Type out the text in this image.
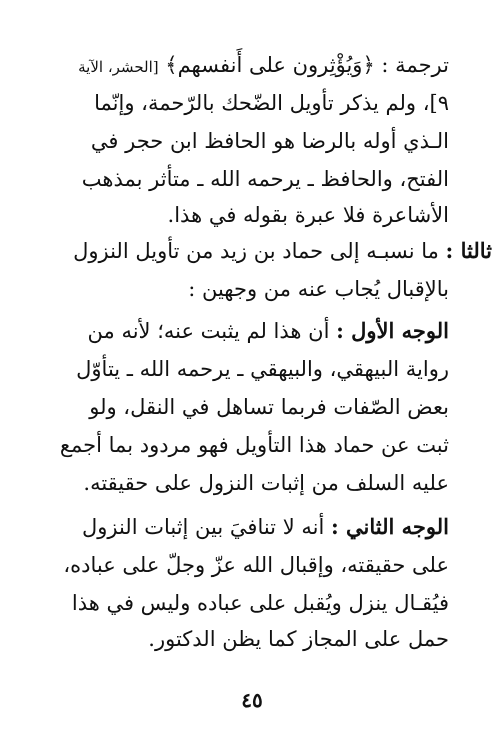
ترجمة : ﴿وَيُؤْثِرون على أَنفسهم﴾ [الحشر، الآية
٩]، ولم يذكر تأويل الضّحك بالرّحمة، وإنّما
الـذي أوله بالرضا هو الحافظ ابن حجر في
الفتح، والحافظ ـ يرحمه الله ـ متأثر بمذهب
الأشاعرة فلا عبرة بقوله في هذا.
ثالثا : ما نسبـه إلى حماد بن زيد من تأويل النزول
بالإقبال يُجاب عنه من وجهين :
الوجه الأول : أن هذا لم يثبت عنه؛ لأنه من
رواية البيهقي، والبيهقي ـ يرحمه الله ـ يتأوّل
بعض الصّفات فربما تساهل في النقل، ولو
ثبت عن حماد هذا التأويل فهو مردود بما أجمع
عليه السلف من إثبات النزول على حقيقته.
الوجه الثاني : أنه لا تنافيَ بين إثبات النزول
على حقيقته، وإقبال الله عزّ وجلّ على عباده،
فيُقـال ينزل ويُقبل على عباده وليس في هذا
حمل على المجاز كما يظن الدكتور.
٤٥
